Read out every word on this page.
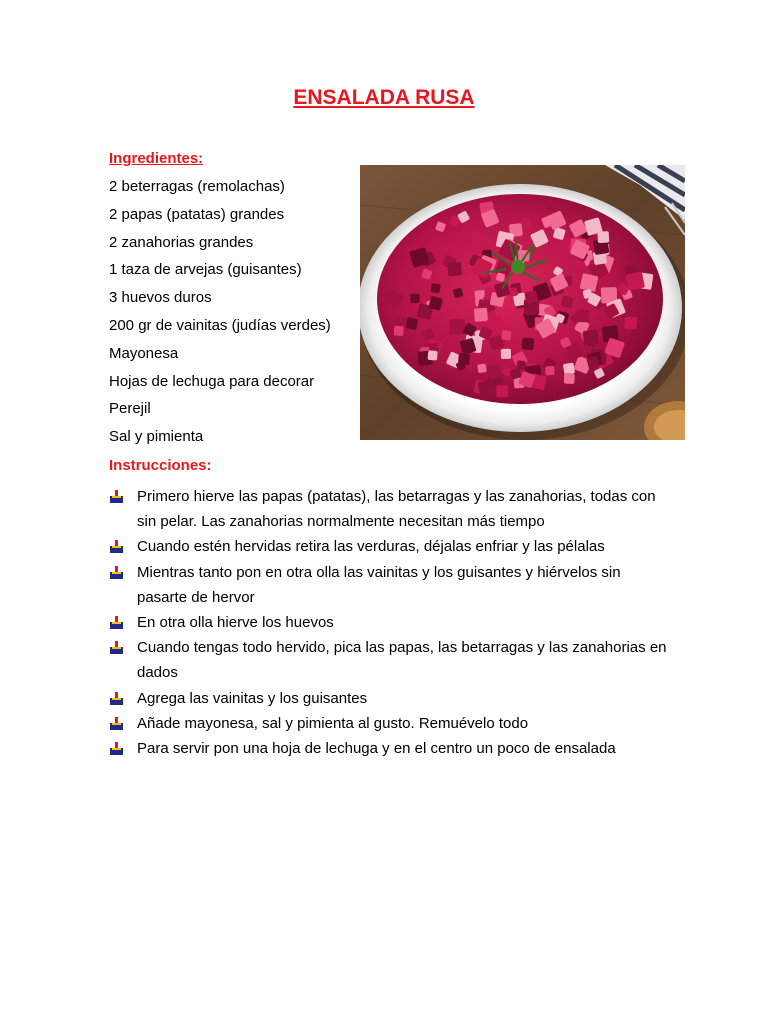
ENSALADA RUSA

Ingredientes:

2 beterragas (remolachas)
2 papas (patatas) grandes
2 zanahorias grandes
1 taza de arvejas (guisantes)
3 huevos duros
200 gr de vainitas (judías verdes)
Mayonesa
Hojas de lechuga para decorar
Perejil
Sal y pimienta

Instrucciones:

Primero hierve las papas (patatas), las betarragas y las zanahorias, todas con sin pelar. Las zanahorias normalmente necesitan más tiempo
Cuando estén hervidas retira las verduras, déjalas enfriar y las pélalas
Mientras tanto pon en otra olla las vainitas y los guisantes y hiérvelos sin pasarte de hervor
En otra olla hierve los huevos
Cuando tengas todo hervido, pica las papas, las betarragas y las zanahorias en dados
Agrega las vainitas y los guisantes
Añade mayonesa, sal y pimienta al gusto. Remuévelo todo
Para servir pon una hoja de lechuga y en el centro un poco de ensalada
